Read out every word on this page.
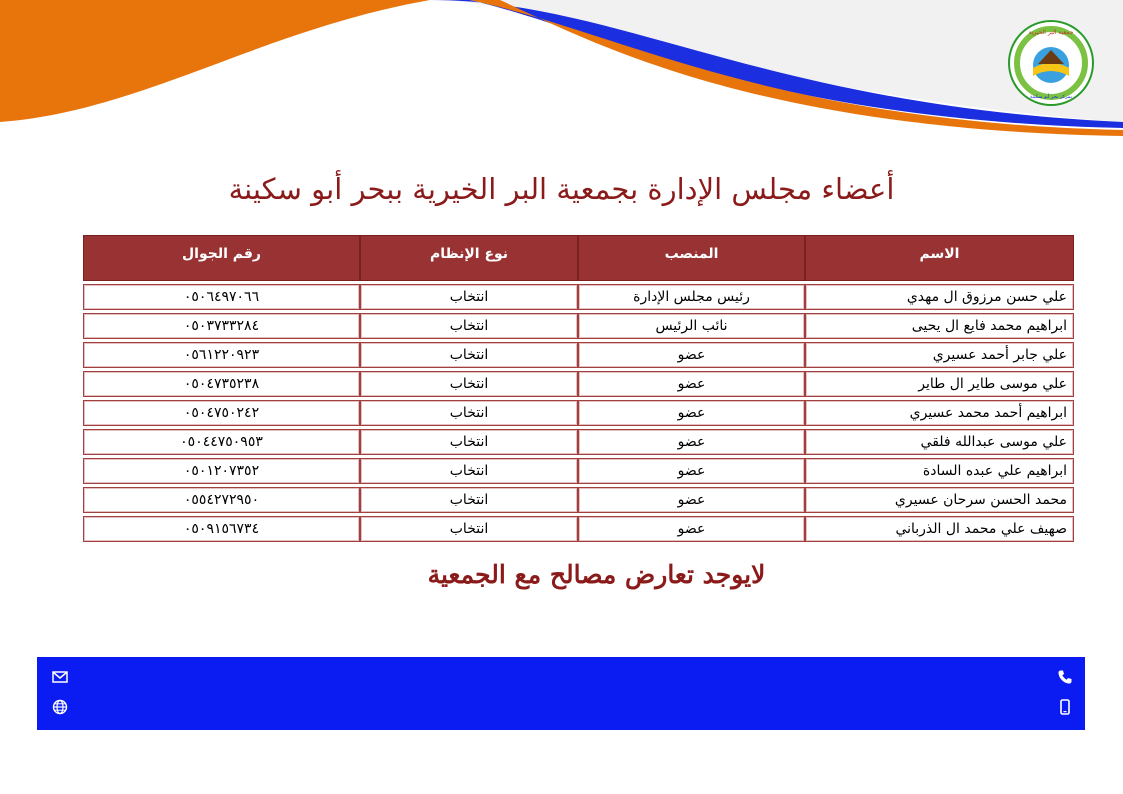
جمعية البر الخيرية
بمركز بحر أبو سكينة
أعضاء مجلس الإدارة بجمعية البر الخيرية ببحر أبو سكينة
الاسم	المنصب	نوع الإنظام	رقم الجوال
علي حسن مرزوق ال مهدي	رئيس مجلس الإدارة	انتخاب	٠٥٠٦٤٩٧٠٦٦
ابراهيم محمد فايع ال يحيى	نائب الرئيس	انتخاب	٠٥٠٣٧٣٣٢٨٤
علي جابر أحمد عسيري	عضو	انتخاب	٠٥٦١٢٢٠٩٢٣
علي موسى طاير ال طاير	عضو	انتخاب	٠٥٠٤٧٣٥٢٣٨
ابراهيم أحمد محمد عسيري	عضو	انتخاب	٠٥٠٤٧٥٠٢٤٢
علي موسى عبدالله فلقي	عضو	انتخاب	٠٥٠٤٤٧٥٠٩٥٣
ابراهيم علي عبده السادة	عضو	انتخاب	٠٥٠١٢٠٧٣٥٢
محمد الحسن سرحان عسيري	عضو	انتخاب	٠٥٥٤٢٧٢٩٥٠
صهيف علي محمد ال الذرباني	عضو	انتخاب	٠٥٠٩١٥٦٧٣٤
لايوجد تعارض مصالح مع الجمعية
